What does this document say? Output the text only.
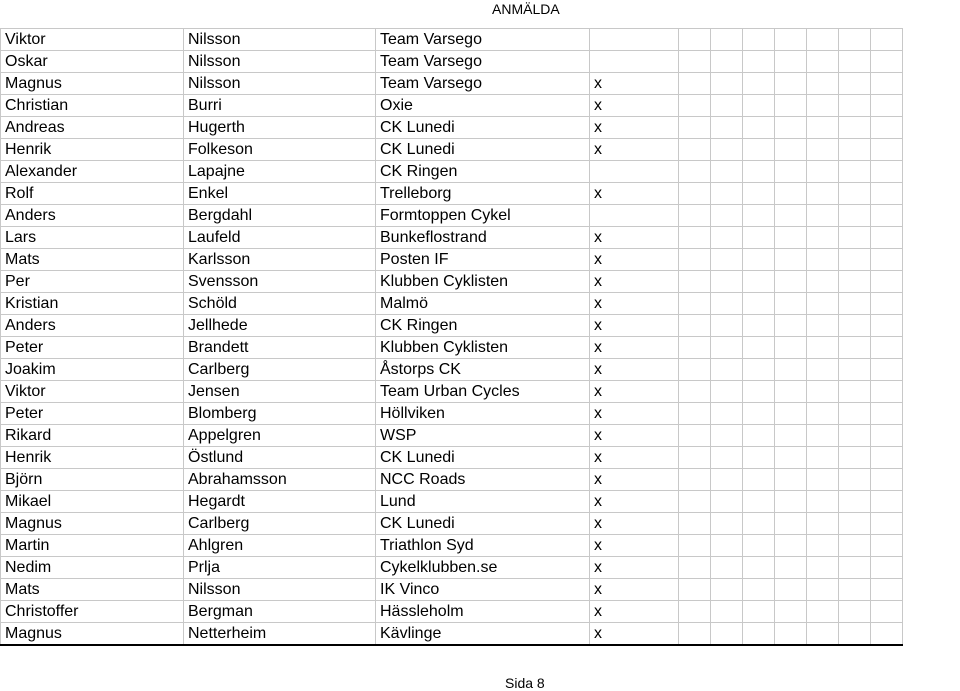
ANMÄLDA
Viktor	Nilsson	Team Varsego								
Oskar	Nilsson	Team Varsego								
Magnus	Nilsson	Team Varsego	x							
Christian	Burri	Oxie	x							
Andreas	Hugerth	CK Lunedi	x							
Henrik	Folkeson	CK Lunedi	x							
Alexander	Lapajne	CK Ringen								
Rolf	Enkel	Trelleborg	x							
Anders	Bergdahl	Formtoppen Cykel								
Lars	Laufeld	Bunkeflostrand	x							
Mats	Karlsson	Posten IF	x							
Per	Svensson	Klubben Cyklisten	x							
Kristian	Schöld	Malmö	x							
Anders	Jellhede	CK Ringen	x							
Peter	Brandett	Klubben Cyklisten	x							
Joakim	Carlberg	Åstorps CK	x							
Viktor	Jensen	Team Urban Cycles	x							
Peter	Blomberg	Höllviken	x							
Rikard	Appelgren	WSP	x							
Henrik	Östlund	CK Lunedi	x							
Björn	Abrahamsson	NCC Roads	x							
Mikael	Hegardt	Lund	x							
Magnus	Carlberg	CK Lunedi	x							
Martin	Ahlgren	Triathlon Syd	x							
Nedim	Prlja	Cykelklubben.se	x							
Mats	Nilsson	IK Vinco	x							
Christoffer	Bergman	Hässleholm	x							
Magnus	Netterheim	Kävlinge	x							
Sida 8
